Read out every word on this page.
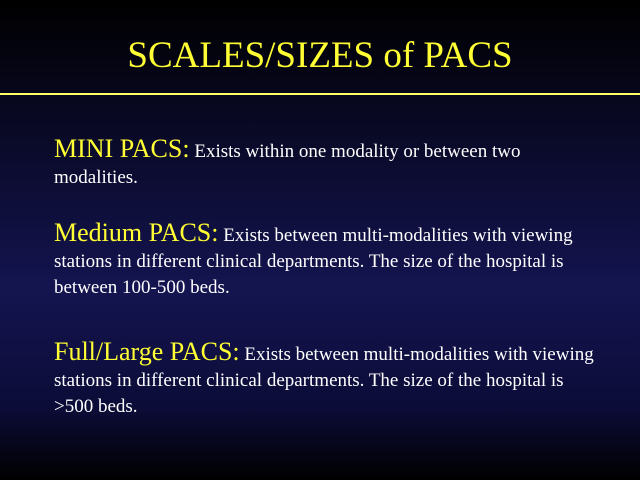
SCALES/SIZES of PACS
MINI PACS: Exists within one modality or between two modalities.
Medium PACS: Exists between multi-modalities with viewing stations in different clinical departments. The size of the hospital is between 100-500 beds.
Full/Large PACS: Exists between multi-modalities with viewing stations in different clinical departments. The size of the hospital is >500 beds.
